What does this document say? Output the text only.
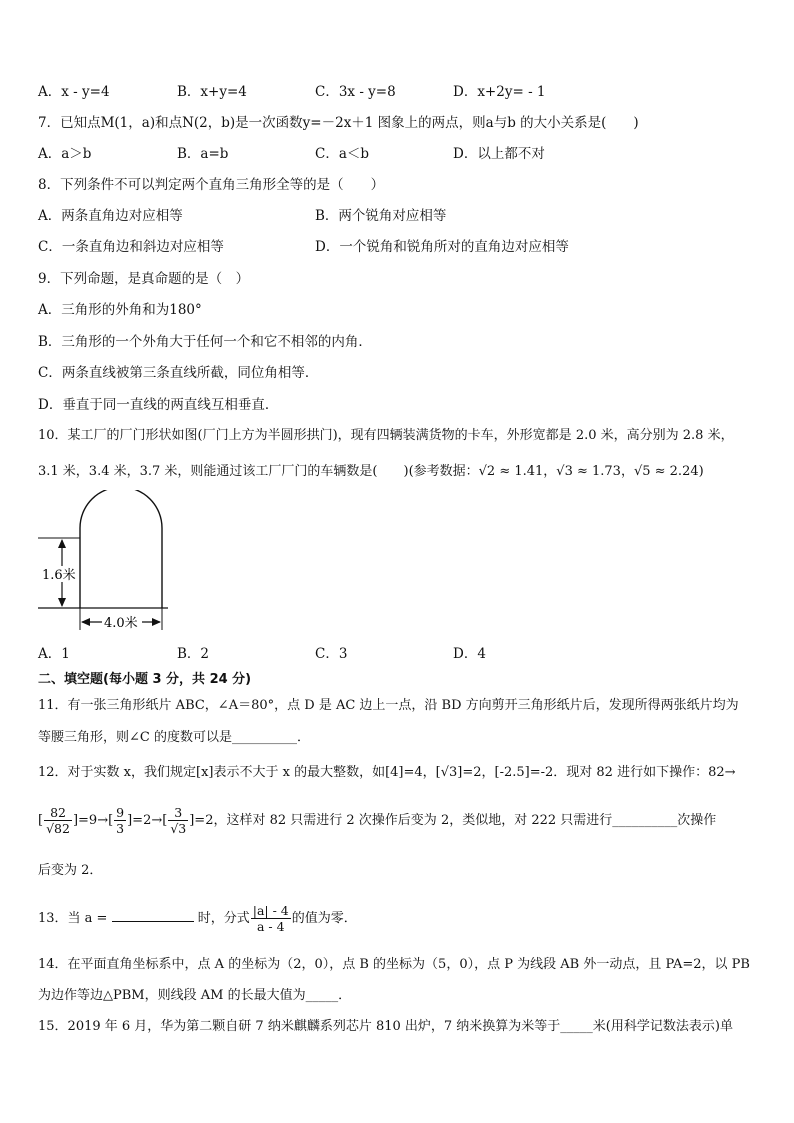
A．x - y=4	B．x+y=4	C．3x - y=8	D．x+2y= - 1
7．已知点M(1，a)和点N(2，b)是一次函数y=－2x＋1 图象上的两点，则a与b 的大小关系是(　　)
A．a＞b	B．a=b	C．a＜b	D．以上都不对
8．下列条件不可以判定两个直角三角形全等的是（　　）
A．两条直角边对应相等	B．两个锐角对应相等
C．一条直角边和斜边对应相等	D．一个锐角和锐角所对的直角边对应相等
9．下列命题，是真命题的是（　）
A．三角形的外角和为180°
B．三角形的一个外角大于任何一个和它不相邻的内角．
C．两条直线被第三条直线所截，同位角相等．
D．垂直于同一直线的两直线互相垂直．
10．某工厂的厂门形状如图(厂门上方为半圆形拱门)，现有四辆装满货物的卡车，外形宽都是 2.0 米，高分别为 2.8 米，
3.1 米，3.4 米，3.7 米，则能通过该工厂厂门的车辆数是(　　)(参考数据：√2 ≈ 1.41，√3 ≈ 1.73，√5 ≈ 2.24)
1.6米
4.0米
A．1	B．2	C．3	D．4
二、填空题(每小题 3 分，共 24 分)
11．有一张三角形纸片 ABC，∠A＝80°，点 D 是 AC 边上一点，沿 BD 方向剪开三角形纸片后，发现所得两张纸片均为
等腰三角形，则∠C 的度数可以是__________．
12．对于实数 x，我们规定[x]表示不大于 x 的最大整数，如[4]=4，[√3]=2，[-2.5]=-2．现对 82 进行如下操作：82→
[ $\frac{82}{√82} ]=9\to[ \frac{9}{3} ]=2\to[ \frac{3}{√3} ]=2$，这样对 82 只需进行 2 次操作后变为 2，类似地，对 222 只需进行__________次操作
后变为 2．
13．当 a =	时，分式 $\frac{|a| - 4}{a - 4}$ 的值为零．
14．在平面直角坐标系中，点 A 的坐标为（2，0），点 B 的坐标为（5，0），点 P 为线段 AB 外一动点，且 PA=2，以 PB
为边作等边△PBM，则线段 AM 的长最大值为_____．
15．2019 年 6 月，华为第二颗自研 7 纳米麒麟系列芯片 810 出炉，7 纳米换算为米等于_____米(用科学记数法表示)单
